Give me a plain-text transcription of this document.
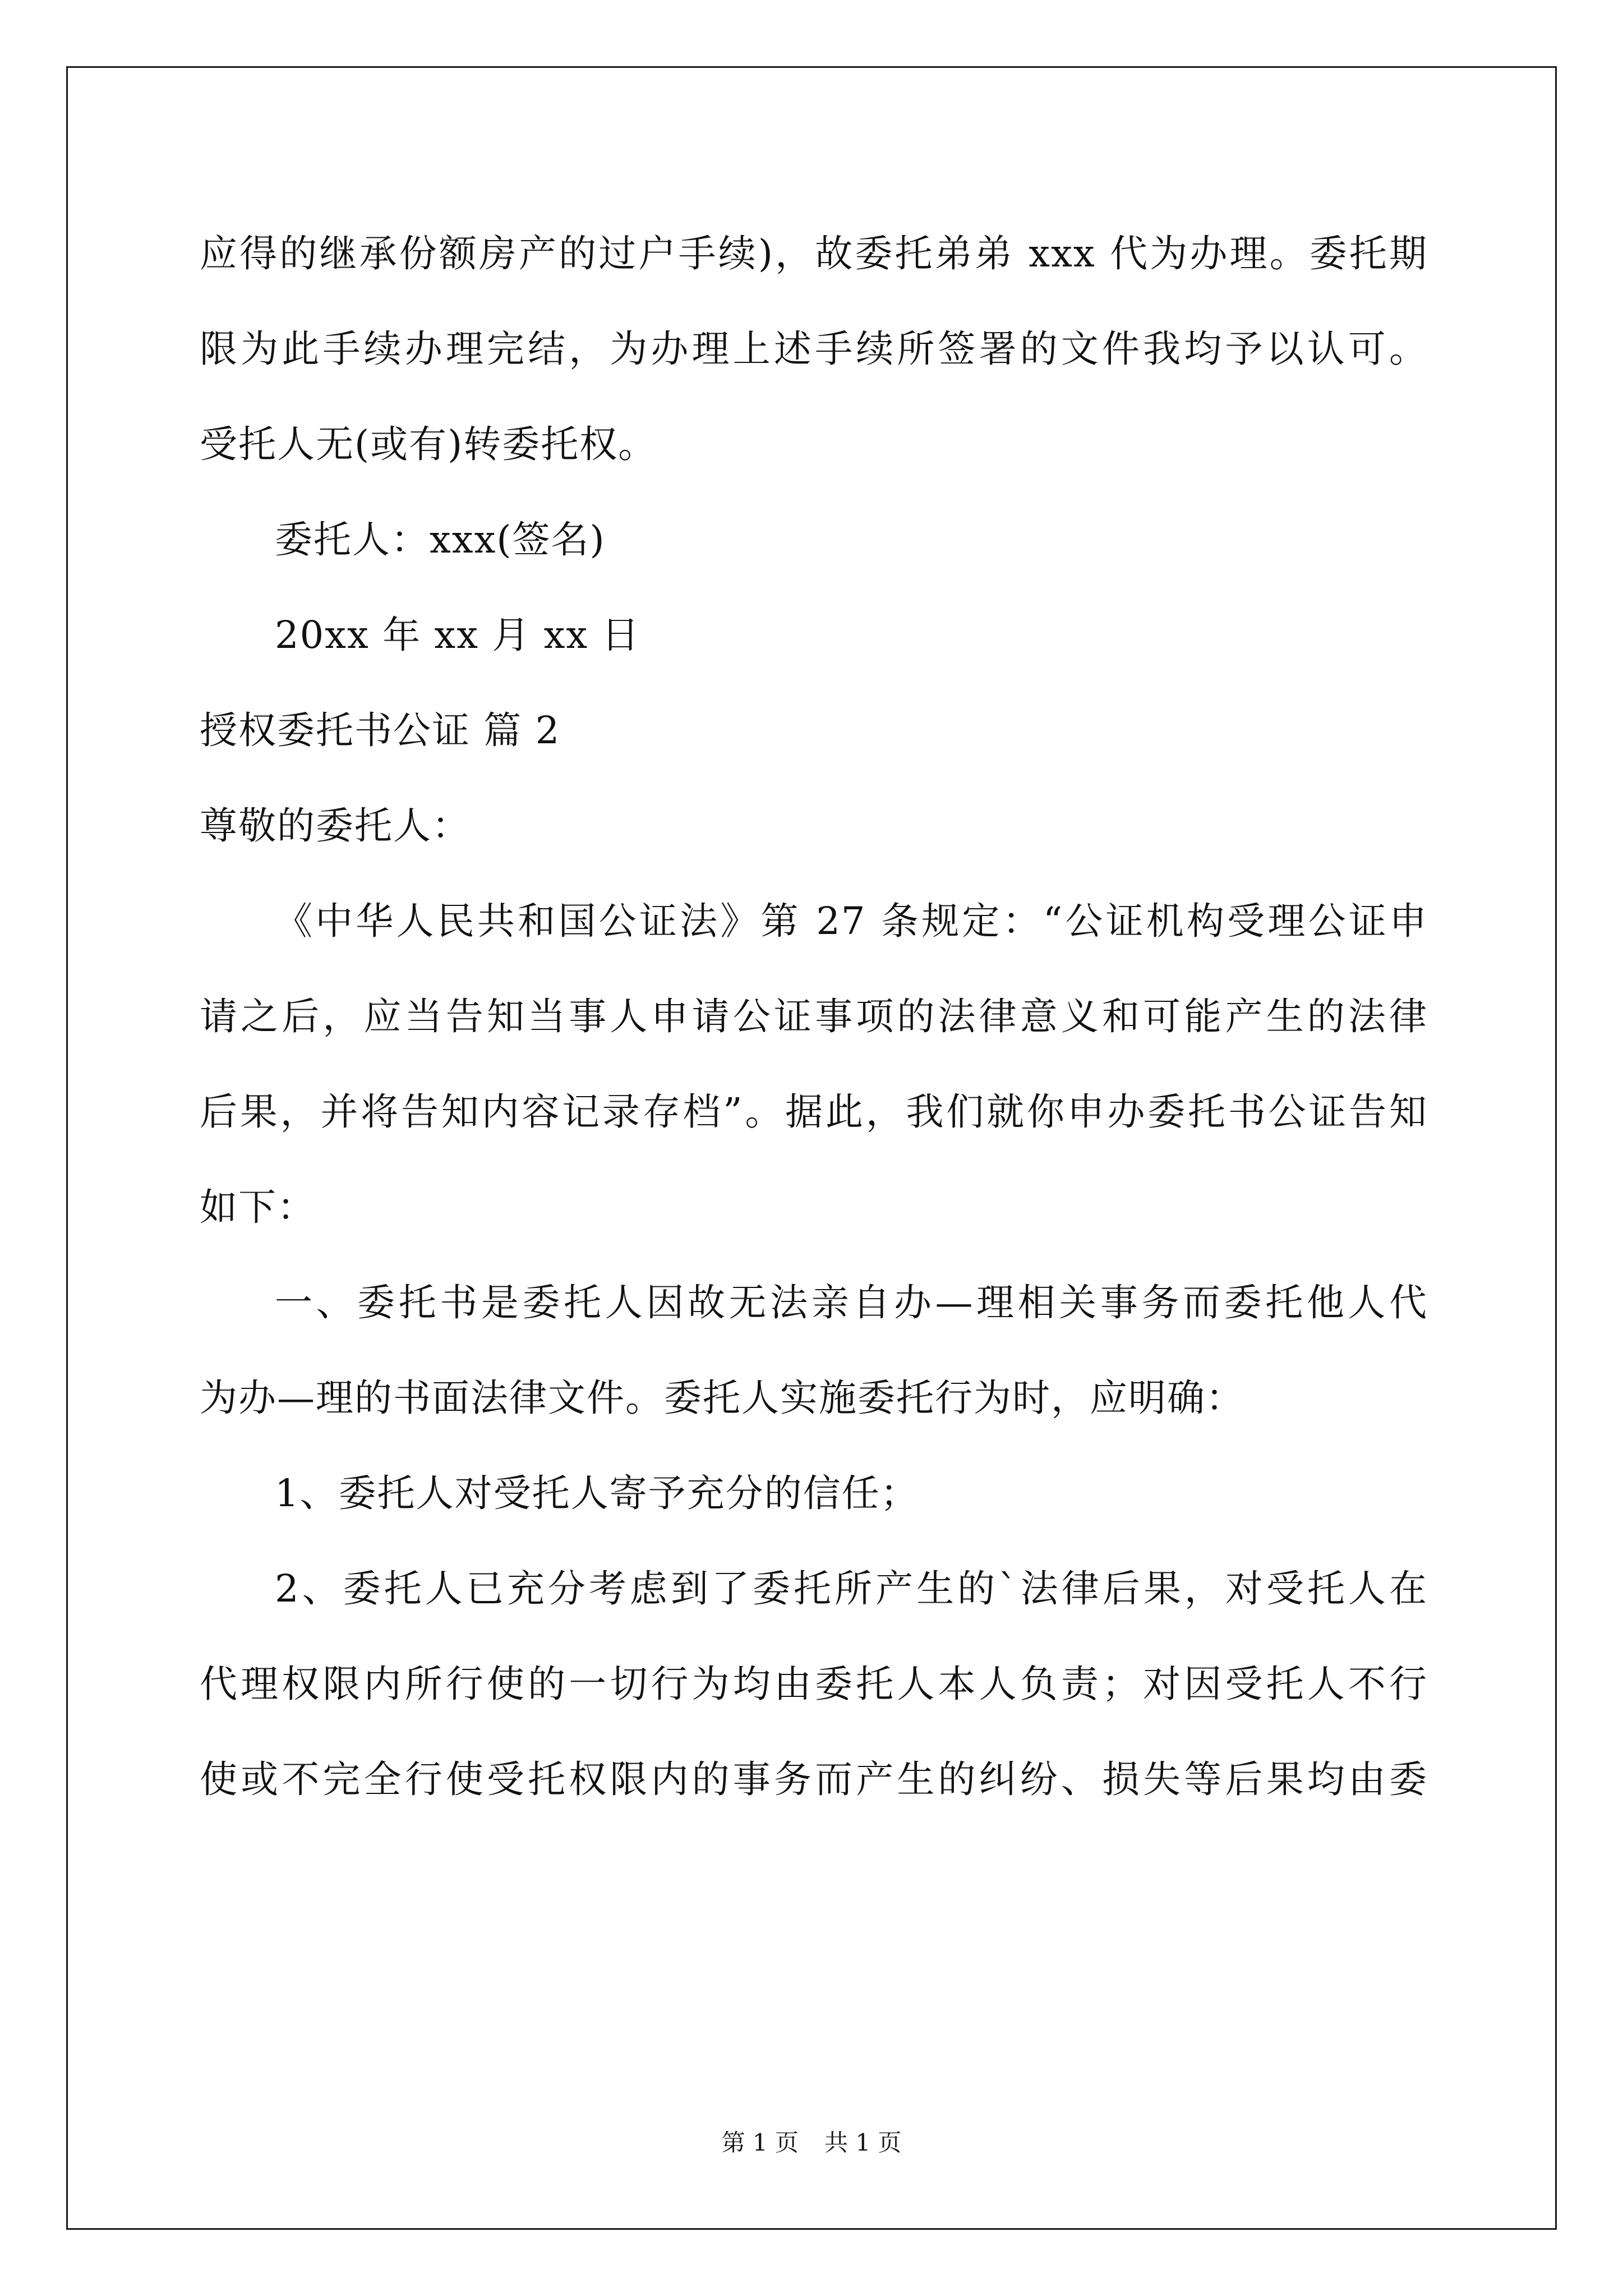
应得的继承份额房产的过户手续)，故委托弟弟 xxx 代为办理。委托期
限为此手续办理完结，为办理上述手续所签署的文件我均予以认可。
受托人无(或有)转委托权。
委托人：xxx(签名)
20xx 年 xx 月 xx 日
授权委托书公证 篇 2
尊敬的委托人：
《中华人民共和国公证法》第 27 条规定：“公证机构受理公证申
请之后，应当告知当事人申请公证事项的法律意义和可能产生的法律
后果，并将告知内容记录存档”。据此，我们就你申办委托书公证告知
如下：
一、委托书是委托人因故无法亲自办—理相关事务而委托他人代
为办—理的书面法律文件。委托人实施委托行为时，应明确：
1、委托人对受托人寄予充分的信任；
2、委托人已充分考虑到了委托所产生的`法律后果，对受托人在
代理权限内所行使的一切行为均由委托人本人负责；对因受托人不行
使或不完全行使受托权限内的事务而产生的纠纷、损失等后果均由委
第 1 页 共 1 页
